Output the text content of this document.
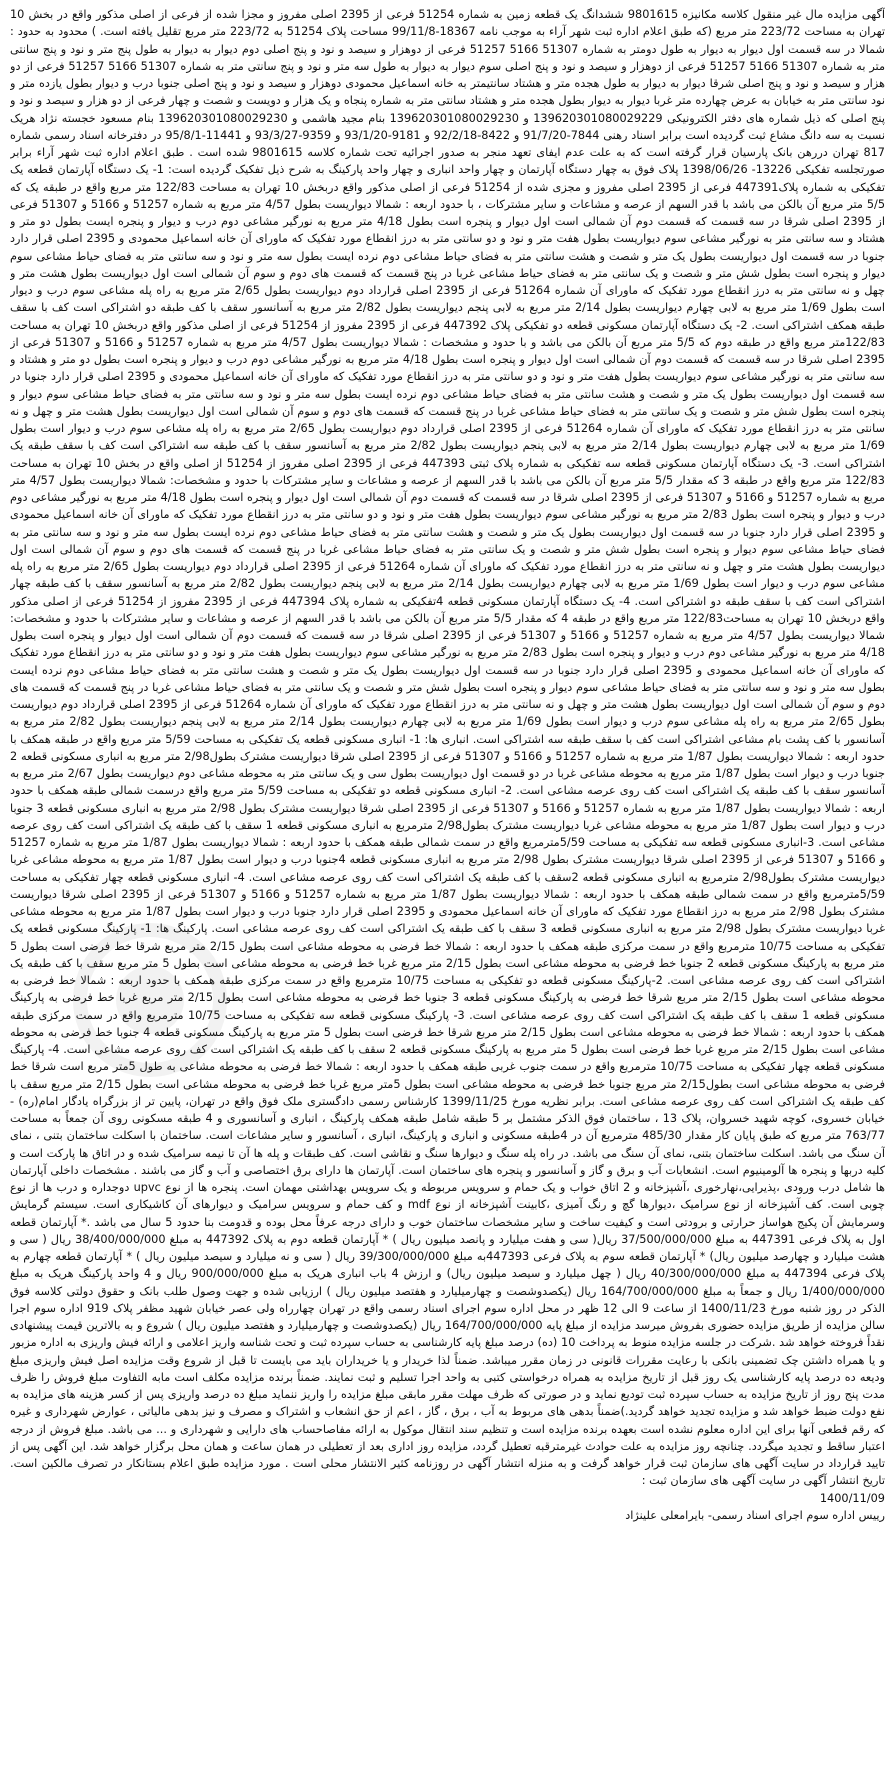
آگهی مزایده مال غیر منقول کلاسه مکانیزه 9801615 ششدانگ یک قطعه زمین به شماره 51254 فرعی از 2395 اصلی مفروز و مجزا شده از فرعی از اصلی مذکور واقع در بخش 10 تهران به مساحت 223/72 متر مربع (که طبق اعلام اداره ثبت شهر آراء به موجب نامه 18367-99/11/8 مساحت پلاک 51254 به 223/72 متر مربع تقلیل یافته است. ) محدود به حدود : شمالا در سه قسمت اول دیوار به دیوار به طول دومتر به شماره 51307 5166 51257 فرعی از دوهزار و سیصد و نود و پنج اصلی دوم دیوار به دیوار به طول پنج متر و نود و پنج سانتی متر به شماره 51307 5166 51257 فرعی از دوهزار و سیصد و نود و پنج اصلی سوم دیوار به دیوار به طول سه متر و نود و پنج سانتی متر به شماره 51307 5166 51257 فرعی از دو هزار و سیصد و نود و پنج اصلی شرقا دیوار به دیوار به طول هجده متر و هشتاد سانتیمتر به خانه اسماعیل محمودی دوهزار و سیصد و نود و پنج اصلی جنوبا درب و دیوار بطول یازده متر و نود سانتی متر به خیابان به عرض چهارده متر غربا دیوار به دیوار بطول هجده متر و هشتاد سانتی متر به شماره پنجاه و یک هزار و دویست و شصت و چهار فرعی از دو هزار و سیصد و نود و پنج اصلی که ذیل شماره های دفتر الکترونیکی 139620301080029229 و 139620301080029230 بنام مجید هاشمی و 139620301080029230 بنام مسعود خجسته نژاد هریک نسبت به سه دانگ مشاع ثبت گردیده است برابر اسناد رهنی 7844-91/7/20 و 8422-92/2/18 و 9181-93/1/20 و 9359-93/3/27 و 11441-95/8/1 در دفترخانه اسناد رسمی شماره 817 تهران دررهن بانک پارسیان قرار گرفته است که به علت عدم ایفای تعهد منجر به صدور اجرائیه تحت شماره کلاسه 9801615 شده است . طبق اعلام اداره ثبت شهر آراء برابر صورتجلسه تفکیکی 13226- 1398/06/26 پلاک فوق به چهار دستگاه آپارتمان و چهار واحد انباری و چهار واحد پارکینگ به شرح ذیل تفکیک گردیده است: 1- یک دستگاه آپارتمان قطعه یک تفکیکی به شماره پلاک447391 فرعی از 2395 اصلی مفروز و مجزی شده از 51254 فرعی از اصلی مذکور واقع دربخش 10 تهران به مساحت 122/83 متر مربع واقع در طبقه یک که 5/5 متر مربع آن بالکن می باشد با قدر السهم از عرصه و مشاعات و سایر مشترکات ، با حدود اربعه : شمالا دیواریست بطول 4/57 متر مربع به شماره 51257 و 5166 و 51307 فرعی از 2395 اصلی شرقا در سه قسمت که قسمت دوم آن شمالی است اول دیوار و پنجره است بطول 4/18 متر مربع به نورگیر مشاعی دوم درب و دیوار و پنجره ایست بطول دو متر و هشتاد و سه سانتی متر به نورگیر مشاعی سوم دیواریست بطول هفت متر و نود و دو سانتی متر به درز انقطاع مورد تفکیک که ماورای آن خانه اسماعیل محمودی و 2395 اصلی قرار دارد جنوبا در سه قسمت اول دیواریست بطول یک متر و شصت و هشت سانتی متر به فضای حیاط مشاعی دوم نرده ایست بطول سه متر و نود و سه سانتی متر به فضای حیاط مشاعی سوم دیوار و پنجره است بطول شش متر و شصت و یک سانتی متر به فضای حیاط مشاعی غربا در پنج قسمت که قسمت های دوم و سوم آن شمالی است اول دیواریست بطول هشت متر و چهل و نه سانتی متر به درز انقطاع مورد تفکیک که ماورای آن شماره 51264 فرعی از 2395 اصلی قرارداد دوم دیواریست بطول 2/65 متر مربع به راه پله مشاعی سوم درب و دیوار است بطول 1/69 متر مربع به لابی چهارم دیواریست بطول 2/14 متر مربع به لابی پنجم دیواریست بطول 2/82 متر مربع به آسانسور سقف با کف طبقه دو اشتراکی است کف با سقف طبقه همکف اشتراکی است. 2- یک دستگاه آپارتمان مسکونی قطعه دو تفکیکی پلاک 447392 فرعی از 2395 مفروز از 51254 فرعی از اصلی مذکور واقع دربخش 10 تهران به مساحت 122/83متر مربع واقع در طبقه دوم که 5/5 متر مربع آن بالکن می باشد و با حدود و مشخصات : شمالا دیواریست بطول 4/57 متر مربع به شماره 51257 و 5166 و 51307 فرعی از 2395 اصلی شرقا در سه قسمت که قسمت دوم آن شمالی است اول دیوار و پنجره است بطول 4/18 متر مربع به نورگیر مشاعی دوم درب و دیوار و پنجره است بطول دو متر و هشتاد و سه سانتی متر به نورگیر مشاعی سوم دیواریست بطول هفت متر و نود و دو سانتی متر به درز انقطاع مورد تفکیک که ماورای آن خانه اسماعیل محمودی و 2395 اصلی قرار دارد جنوبا در سه قسمت اول دیواریست بطول یک متر و شصت و هشت سانتی متر به فضای حیاط مشاعی دوم نرده ایست بطول سه متر و نود و سه سانتی متر به فضای حیاط مشاعی سوم دیوار و پنجره است بطول شش متر و شصت و یک سانتی متر به فضای حیاط مشاعی غربا در پنج قسمت که قسمت های دوم و سوم آن شمالی است اول دیواریست بطول هشت متر و چهل و نه سانتی متر به درز انقطاع مورد تفکیک که ماورای آن شماره 51264 فرعی از 2395 اصلی قرارداد دوم دیواریست بطول 2/65 متر مربع به راه پله مشاعی سوم درب و دیوار است بطول 1/69 متر مربع به لابی چهارم دیواریست بطول 2/14 متر مربع به لابی پنجم دیواریست بطول 2/82 متر مربع به آسانسور سقف با کف طبقه سه اشتراکی است کف با سقف طبقه یک اشتراکی است. 3- یک دستگاه آپارتمان مسکونی قطعه سه تفکیکی به شماره پلاک ثبتی 447393 فرعی از 2395 اصلی مفروز از 51254 از اصلی واقع در بخش 10 تهران به مساحت 122/83 متر مربع واقع در طبقه 3 که مقدار 5/5 متر مربع آن بالکن می باشد با قدر السهم از عرصه و مشاعات و سایر مشترکات با حدود و مشخصات: شمالا دیواریست بطول 4/57 متر مربع به شماره 51257 و 5166 و 51307 فرعی از 2395 اصلی شرقا در سه قسمت که قسمت دوم آن شمالی است اول دیوار و پنجره است بطول 4/18 متر مربع به نورگیر مشاعی دوم درب و دیوار و پنجره است بطول 2/83 متر مربع به نورگیر مشاعی سوم دیواریست بطول هفت متر و نود و دو سانتی متر به درز انقطاع مورد تفکیک که ماورای آن خانه اسماعیل محمودی و 2395 اصلی قرار دارد جنوبا در سه قسمت اول دیواریست بطول یک متر و شصت و هشت سانتی متر به فضای حیاط مشاعی دوم نرده ایست بطول سه متر و نود و سه سانتی متر به فضای حیاط مشاعی سوم دیوار و پنجره است بطول شش متر و شصت و یک سانتی متر به فضای حیاط مشاعی غربا در پنج قسمت که قسمت های دوم و سوم آن شمالی است اول دیواریست بطول هشت متر و چهل و نه سانتی متر به درز انقطاع مورد تفکیک که ماورای آن شماره 51264 فرعی از 2395 اصلی قرارداد دوم دیواریست بطول 2/65 متر مربع به راه پله مشاعی سوم درب و دیوار است بطول 1/69 متر مربع به لابی چهارم دیواریست بطول 2/14 متر مربع به لابی پنجم دیواریست بطول 2/82 متر مربع به آسانسور سقف با کف طبقه چهار اشتراکی است کف با سقف طبقه دو اشتراکی است. 4- یک دستگاه آپارتمان مسکونی قطعه 4تفکیکی به شماره پلاک 447394 فرعی از 2395 مفروز از 51254 فرعی از اصلی مذکور واقع دربخش 10 تهران به مساحت122/83 متر مربع واقع در طبقه 4 که مقدار 5/5 متر مربع آن بالکن می باشد با قدر السهم از عرصه و مشاعات و سایر مشترکات با حدود و مشخصات: شمالا دیواریست بطول 4/57 متر مربع به شماره 51257 و 5166 و 51307 فرعی از 2395 اصلی شرقا در سه قسمت که قسمت دوم آن شمالی است اول دیوار و پنجره است بطول 4/18 متر مربع به نورگیر مشاعی دوم درب و دیوار و پنجره است بطول 2/83 متر مربع به نورگیر مشاعی سوم دیواریست بطول هفت متر و نود و دو سانتی متر به درز انقطاع مورد تفکیک که ماورای آن خانه اسماعیل محمودی و 2395 اصلی قرار دارد جنوبا در سه قسمت اول دیواریست بطول یک متر و شصت و هشت سانتی متر به فضای حیاط مشاعی دوم نرده ایست بطول سه متر و نود و سه سانتی متر به فضای حیاط مشاعی سوم دیوار و پنجره است بطول شش متر و شصت و یک سانتی متر به فضای حیاط مشاعی غربا در پنج قسمت که قسمت های دوم و سوم آن شمالی است اول دیواریست بطول هشت متر و چهل و نه سانتی متر به درز انقطاع مورد تفکیک که ماورای آن شماره 51264 فرعی از 2395 اصلی قرارداد دوم دیواریست بطول 2/65 متر مربع به راه پله مشاعی سوم درب و دیوار است بطول 1/69 متر مربع به لابی چهارم دیواریست بطول 2/14 متر مربع به لابی پنجم دیواریست بطول 2/82 متر مربع به آسانسور با کف پشت بام مشاعی اشتراکی است کف با سقف طبقه سه اشتراکی است. انباری ها: 1- انباری مسکونی قطعه یک تفکیکی به مساحت 5/59 متر مربع واقع در طبقه همکف با حدود اربعه : شمالا دیواریست بطول 1/87 متر مربع به شماره 51257 و 5166 و 51307 فرعی از 2395 اصلی شرقا دیواریست مشترک بطول2/98 متر مربع به انباری مسکونی قطعه 2 جنوبا درب و دیوار است بطول 1/87 متر مربع به محوطه مشاعی غربا در دو قسمت اول دیواریست بطول سی و یک سانتی متر به محوطه مشاعی دوم دیواریست بطول 2/67 متر مربع به آسانسور سقف با کف طبقه یک اشتراکی است کف روی عرصه مشاعی است. 2- انباری مسکونی قطعه دو تفکیکی به مساحت 5/59 متر مربع واقع درسمت شمالی طبقه همکف با حدود اربعه : شمالا دیواریست بطول 1/87 متر مربع به شماره 51257 و 5166 و 51307 فرعی از 2395 اصلی شرقا دیواریست مشترک بطول 2/98 متر مربع به انباری مسکونی قطعه 3 جنوبا درب و دیوار است بطول 1/87 متر مربع به محوطه مشاعی غربا دیواریست مشترک بطول2/98 مترمربع به انباری مسکونی قطعه 1 سقف با کف طبقه یک اشتراکی است کف روی عرصه مشاعی است. 3-انباری مسکونی قطعه سه تفکیکی به مساحت 5/59مترمربع واقع در سمت شمالی طبقه همکف با حدود اربعه : شمالا دیواریست بطول 1/87 متر مربع به شماره 51257 و 5166 و 51307 فرعی از 2395 اصلی شرقا دیواریست مشترک بطول 2/98 متر مربع به انباری مسکونی قطعه 4جنوبا درب و دیوار است بطول 1/87 متر مربع به محوطه مشاعی غربا دیواریست مشترک بطول2/98 مترمربع به انباری مسکونی قطعه 2سقف با کف طبقه یک اشتراکی است کف روی عرصه مشاعی است. 4- انباری مسکونی قطعه چهار تفکیکی به مساحت 5/59مترمربع واقع در سمت شمالی طبقه همکف با حدود اربعه : شمالا دیواریست بطول 1/87 متر مربع به شماره 51257 و 5166 و 51307 فرعی از 2395 اصلی شرقا دیواریست مشترک بطول 2/98 متر مربع به درز انقطاع مورد تفکیک که ماورای آن خانه اسماعیل محمودی و 2395 اصلی قرار دارد جنوبا درب و دیوار است بطول 1/87 متر مربع به محوطه مشاعی غربا دیواریست مشترک بطول 2/98 متر مربع به انباری مسکونی قطعه 3 سقف با کف طبقه یک اشتراکی است کف روی عرصه مشاعی است. پارکینگ ها: 1- پارکینگ مسکونی قطعه یک تفکیکی به مساحت 10/75 مترمربع واقع در سمت مرکزی طبقه همکف با حدود اربعه : شمالا خط فرضی به محوطه مشاعی است بطول 2/15 متر مربع شرقا خط فرضی است بطول 5 متر مربع به پارکینگ مسکونی قطعه 2 جنوبا خط فرضی به محوطه مشاعی است بطول 2/15 متر مربع غربا خط فرضی به محوطه مشاعی است بطول 5 متر مربع سقف با کف طبقه یک اشتراکی است کف روی عرصه مشاعی است. 2-پارکینگ مسکونی قطعه دو تفکیکی به مساحت 10/75 مترمربع واقع در سمت مرکزی طبقه همکف با حدود اربعه : شمالا خط فرضی به محوطه مشاعی است بطول 2/15 متر مربع شرقا خط فرضی به پارکینگ مسکونی قطعه 3 جنوبا خط فرضی به محوطه مشاعی است بطول 2/15 متر مربع غربا خط فرضی به پارکینگ مسکونی قطعه 1 سقف با کف طبقه یک اشتراکی است کف روی عرصه مشاعی است. 3- پارکینگ مسکونی قطعه سه تفکیکی به مساحت 10/75 مترمربع واقع در سمت مرکزی طبقه همکف با حدود اربعه : شمالا خط فرضی به محوطه مشاعی است بطول 2/15 متر مربع شرقا خط فرضی است بطول 5 متر مربع به پارکینگ مسکونی قطعه 4 جنوبا خط فرضی به محوطه مشاعی است بطول 2/15 متر مربع غربا خط فرضی است بطول 5 متر مربع به پارکینگ مسکونی قطعه 2 سقف با کف طبقه یک اشتراکی است کف روی عرصه مشاعی است. 4- پارکینگ مسکونی قطعه چهار تفکیکی به مساحت 10/75 مترمربع واقع در سمت جنوب غربی طبقه همکف با حدود اربعه : شمالا خط فرضی به محوطه مشاعی به طول 5متر مربع است شرقا خط فرضی به محوطه مشاعی است بطول2/15 متر مربع جنوبا خط فرضی به محوطه مشاعی است بطول 5متر مربع غربا خط فرضی به محوطه مشاعی است بطول 2/15 متر مربع سقف با کف طبقه یک اشتراکی است کف روی عرصه مشاعی است. برابر نظریه مورخ 1399/11/25 کارشناس رسمی دادگستری ملک فوق واقع در تهران، پایین تر از بزرگراه یادگار امام(ره) - خیابان خسروی، کوچه شهید خسروان، پلاک 13 ، ساختمان فوق الذکر مشتمل بر 5 طبقه شامل طبقه همکف پارکینگ ، انباری و آسانسوری و 4 طبقه مسکونی روی آن جمعاً به مساحت 763/77 متر مربع که طبق پایان کار مقدار 485/30 مترمربع آن در 4طبقه مسکونی و انباری و پارکینگ، انباری ، آسانسور و سایر مشاعات است. ساختمان با اسکلت ساختمان بتنی ، نمای آن سنگ می باشد. اسکلت ساختمان بتنی، نمای آن سنگ می باشد. در راه پله سنگ و دیوارها سنگ و نقاشی است. کف طبقات و پله ها آن تا نیمه سرامیک شده و در اتاق ها پارکت است و کلیه دربها و پنجره ها آلومینیوم است. انشعابات آب و برق و گاز و آسانسور و پنجره های ساختمان است. آپارتمان ها دارای برق اختصاصی و آب و گاز می باشند . مشخصات داخلی آپارتمان ها شامل درب ورودی ،پذیرایی،نهارخوری ،آشپزخانه و 2 اتاق خواب و یک حمام و سرویس مربوطه و یک سرویس بهداشتی مهمان است. پنجره ها از نوع upvc دوجداره و درب ها از نوع چوبی است. کف آشپزخانه از نوع سرامیک ،دیوارها گچ و رنگ آمیزی ،کابینت آشپزخانه از نوع mdf و کف حمام و سرویس سرامیک و دیوارهای آن کاشیکاری است. سیستم گرمایش وسرمایش آن پکیج هواساز حرارتی و برودتی است و کیفیت ساخت و سایر مشخصات ساختمان خوب و دارای درجه عرفاً محل بوده و قدومت بنا حدود 5 سال می باشد .* آپارتمان قطعه اول به پلاک فرعی 447391 به مبلغ 37/500/000/000 ریال( سی و هفت میلیارد و پانصد میلیون ریال ) * آپارتمان قطعه دوم به پلاک 447392 به مبلغ 38/400/000/000 ریال ( سی و هشت میلیارد و چهارصد میلیون ریال) * آپارتمان قطعه سوم به پلاک فرعی 447393به مبلغ 39/300/000/000 ریال ( سی و نه میلیارد و سیصد میلیون ریال ) * آپارتمان قطعه چهارم به پلاک فرعی 447394 به مبلغ 40/300/000/000 ریال ( چهل میلیارد و سیصد میلیون ریال) و ارزش 4 باب انباری هریک به مبلغ 900/000/000 ریال و 4 واحد پارکینگ هریک به مبلغ 1/400/000/000 ریال و جمعاً به مبلغ 164/700/000/000 ریال (یکصدوشصت و چهارمیلیارد و هفتصد میلیون ریال ) ارزیابی شده و جهت وصول طلب بانک و حقوق دولتی کلاسه فوق الذکر در روز شنبه مورخ 1400/11/23 از ساعت 9 الی 12 ظهر در محل اداره سوم اجرای اسناد رسمی واقع در تهران چهارراه ولی عصر خیابان شهید مظفر پلاک 919 اداره سوم اجرا سالن مزایده از طریق مزایده حضوری بفروش میرسد مزایده از مبلغ پایه 164/700/000/000 ریال (یکصدوشصت و چهارمیلیارد و هفتصد میلیون ریال ) شروع و به بالاترین قیمت پیشنهادی نقداً فروخته خواهد شد .شرکت در جلسه مزایده منوط به پرداخت 10 (ده) درصد مبلغ پایه کارشناسی به حساب سپرده ثبت و تحت شناسه واریز اعلامی و ارائه فیش واریزی به اداره مزبور و یا همراه داشتن چک تضمینی بانکی با رعایت مقررات قانونی در زمان مقرر میباشد. ضمناً لذا خریدار و یا خریداران باید می بایست تا قبل از شروع وقت مزایده اصل فیش واریزی مبلغ ودیعه ده درصد پایه کارشناسی یک روز قبل از تاریخ مزایده به همراه درخواستی کتبی به واحد اجرا تسلیم و ثبت نمایند. ضمناً برنده مزایده مکلف است مابه التفاوت مبلغ فروش را ظرف مدت پنج روز از تاریخ مزایده به حساب سپرده ثبت تودیع نماید و در صورتی که ظرف مهلت مقرر مابقی مبلغ مزایده را واریز ننماید مبلغ ده درصد واریزی پس از کسر هزینه های مزایده به نفع دولت ضبط خواهد شد و مزایده تجدید خواهد گردید.)ضمناً بدهی های مربوط به آب ، برق ، گاز ، اعم از حق انشعاب و اشتراک و مصرف و نیز بدهی مالیاتی ، عوارض شهرداری و غیره که رقم قطعی آنها برای این اداره معلوم نشده است بعهده برنده مزایده است و تنظیم سند انتقال موکول به ارائه مفاصاحساب های دارایی و شهرداری و ... می باشد. مبلغ فروش از درجه اعتبار ساقط و تجدید میگردد. چنانچه روز مزایده به علت حوادث غیرمترقبه تعطیل گردد، مزایده روز اداری بعد از تعطیلی در همان ساعت و همان محل برگزار خواهد شد. این آگهی پس از تایید قرارداد در سایت آگهی های سازمان ثبت قرار خواهد گرفت و به منزله انتشار آگهی در روزنامه کثیر الانتشار محلی است . مورد مزایده طبق اعلام بستانکار در تصرف مالکین است. تاریخ انتشار آگهی در سایت آگهی های سازمان ثبت :

1400/11/09

رییس اداره سوم اجرای اسناد رسمی- بایرامعلی علینژاد
